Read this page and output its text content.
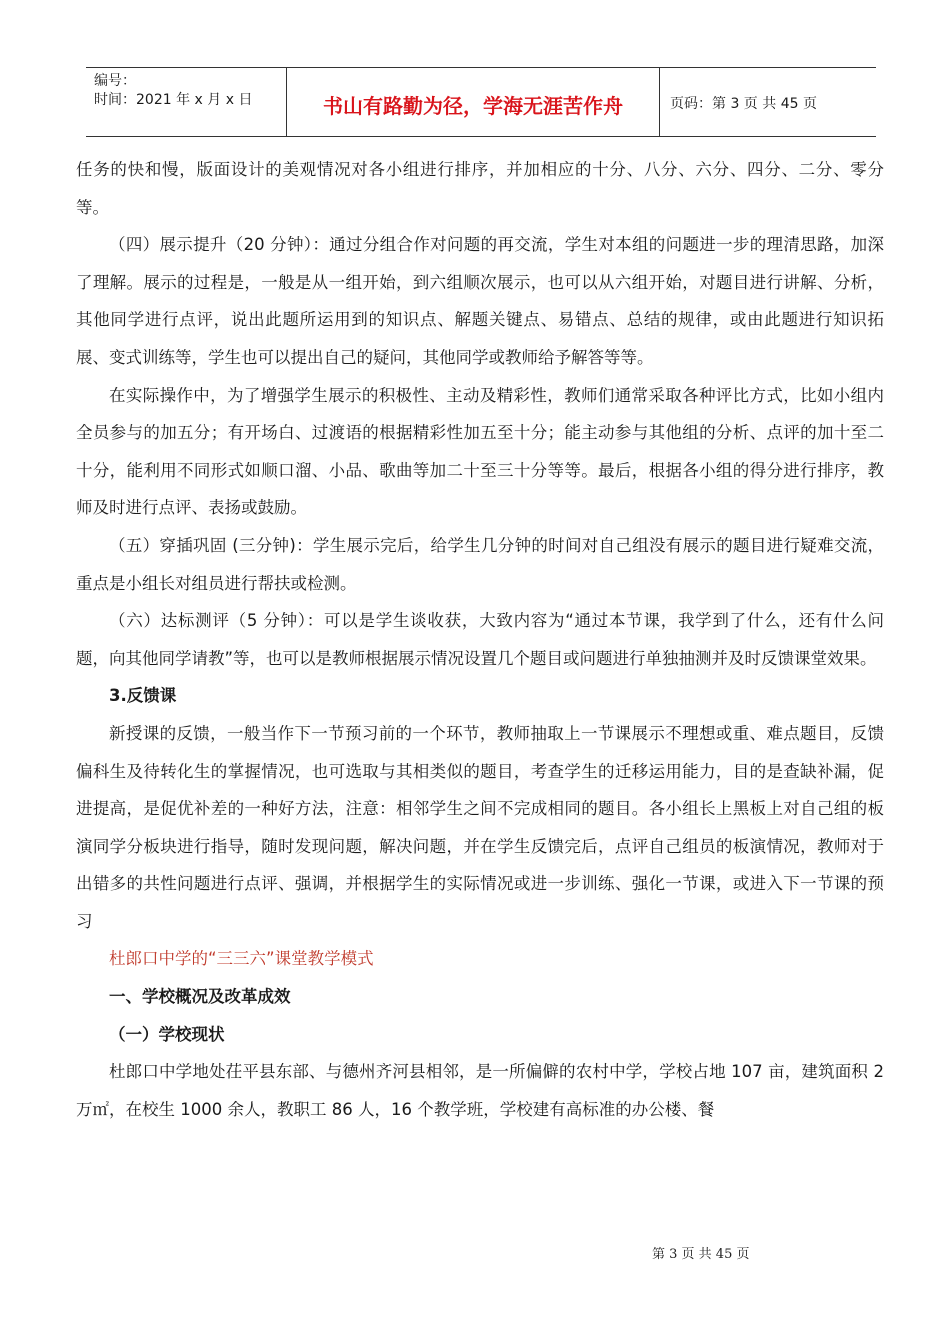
编号：
时间：2021 年 x 月 x 日	书山有路勤为径，学海无涯苦作舟	页码：第 3 页 共 45 页

任务的快和慢，版面设计的美观情况对各小组进行排序，并加相应的十分、八分、六分、四分、二分、零分等。

（四）展示提升（20 分钟）：通过分组合作对问题的再交流，学生对本组的问题进一步的理清思路，加深了理解。展示的过程是，一般是从一组开始，到六组顺次展示，也可以从六组开始，对题目进行讲解、分析，其他同学进行点评，说出此题所运用到的知识点、解题关键点、易错点、总结的规律，或由此题进行知识拓展、变式训练等，学生也可以提出自己的疑问，其他同学或教师给予解答等等。

在实际操作中，为了增强学生展示的积极性、主动及精彩性，教师们通常采取各种评比方式，比如小组内全员参与的加五分；有开场白、过渡语的根据精彩性加五至十分；能主动参与其他组的分析、点评的加十至二十分，能利用不同形式如顺口溜、小品、歌曲等加二十至三十分等等。最后，根据各小组的得分进行排序，教师及时进行点评、表扬或鼓励。

（五）穿插巩固 (三分钟)：学生展示完后，给学生几分钟的时间对自己组没有展示的题目进行疑难交流，重点是小组长对组员进行帮扶或检测。

（六）达标测评（5 分钟）：可以是学生谈收获，大致内容为“通过本节课，我学到了什么，还有什么问题，向其他同学请教”等，也可以是教师根据展示情况设置几个题目或问题进行单独抽测并及时反馈课堂效果。

3.反馈课

新授课的反馈，一般当作下一节预习前的一个环节，教师抽取上一节课展示不理想或重、难点题目，反馈偏科生及待转化生的掌握情况，也可选取与其相类似的题目，考查学生的迁移运用能力，目的是查缺补漏，促进提高，是促优补差的一种好方法，注意：相邻学生之间不完成相同的题目。各小组长上黑板上对自己组的板演同学分板块进行指导，随时发现问题，解决问题，并在学生反馈完后，点评自己组员的板演情况，教师对于出错多的共性问题进行点评、强调，并根据学生的实际情况或进一步训练、强化一节课，或进入下一节课的预习

杜郎口中学的“三三六”课堂教学模式

一、学校概况及改革成效

（一）学校现状

杜郎口中学地处茌平县东部、与德州齐河县相邻，是一所偏僻的农村中学，学校占地 107 亩，建筑面积 2 万㎡，在校生 1000 余人，教职工 86 人，16 个教学班，学校建有高标准的办公楼、餐

第 3 页 共 45 页
